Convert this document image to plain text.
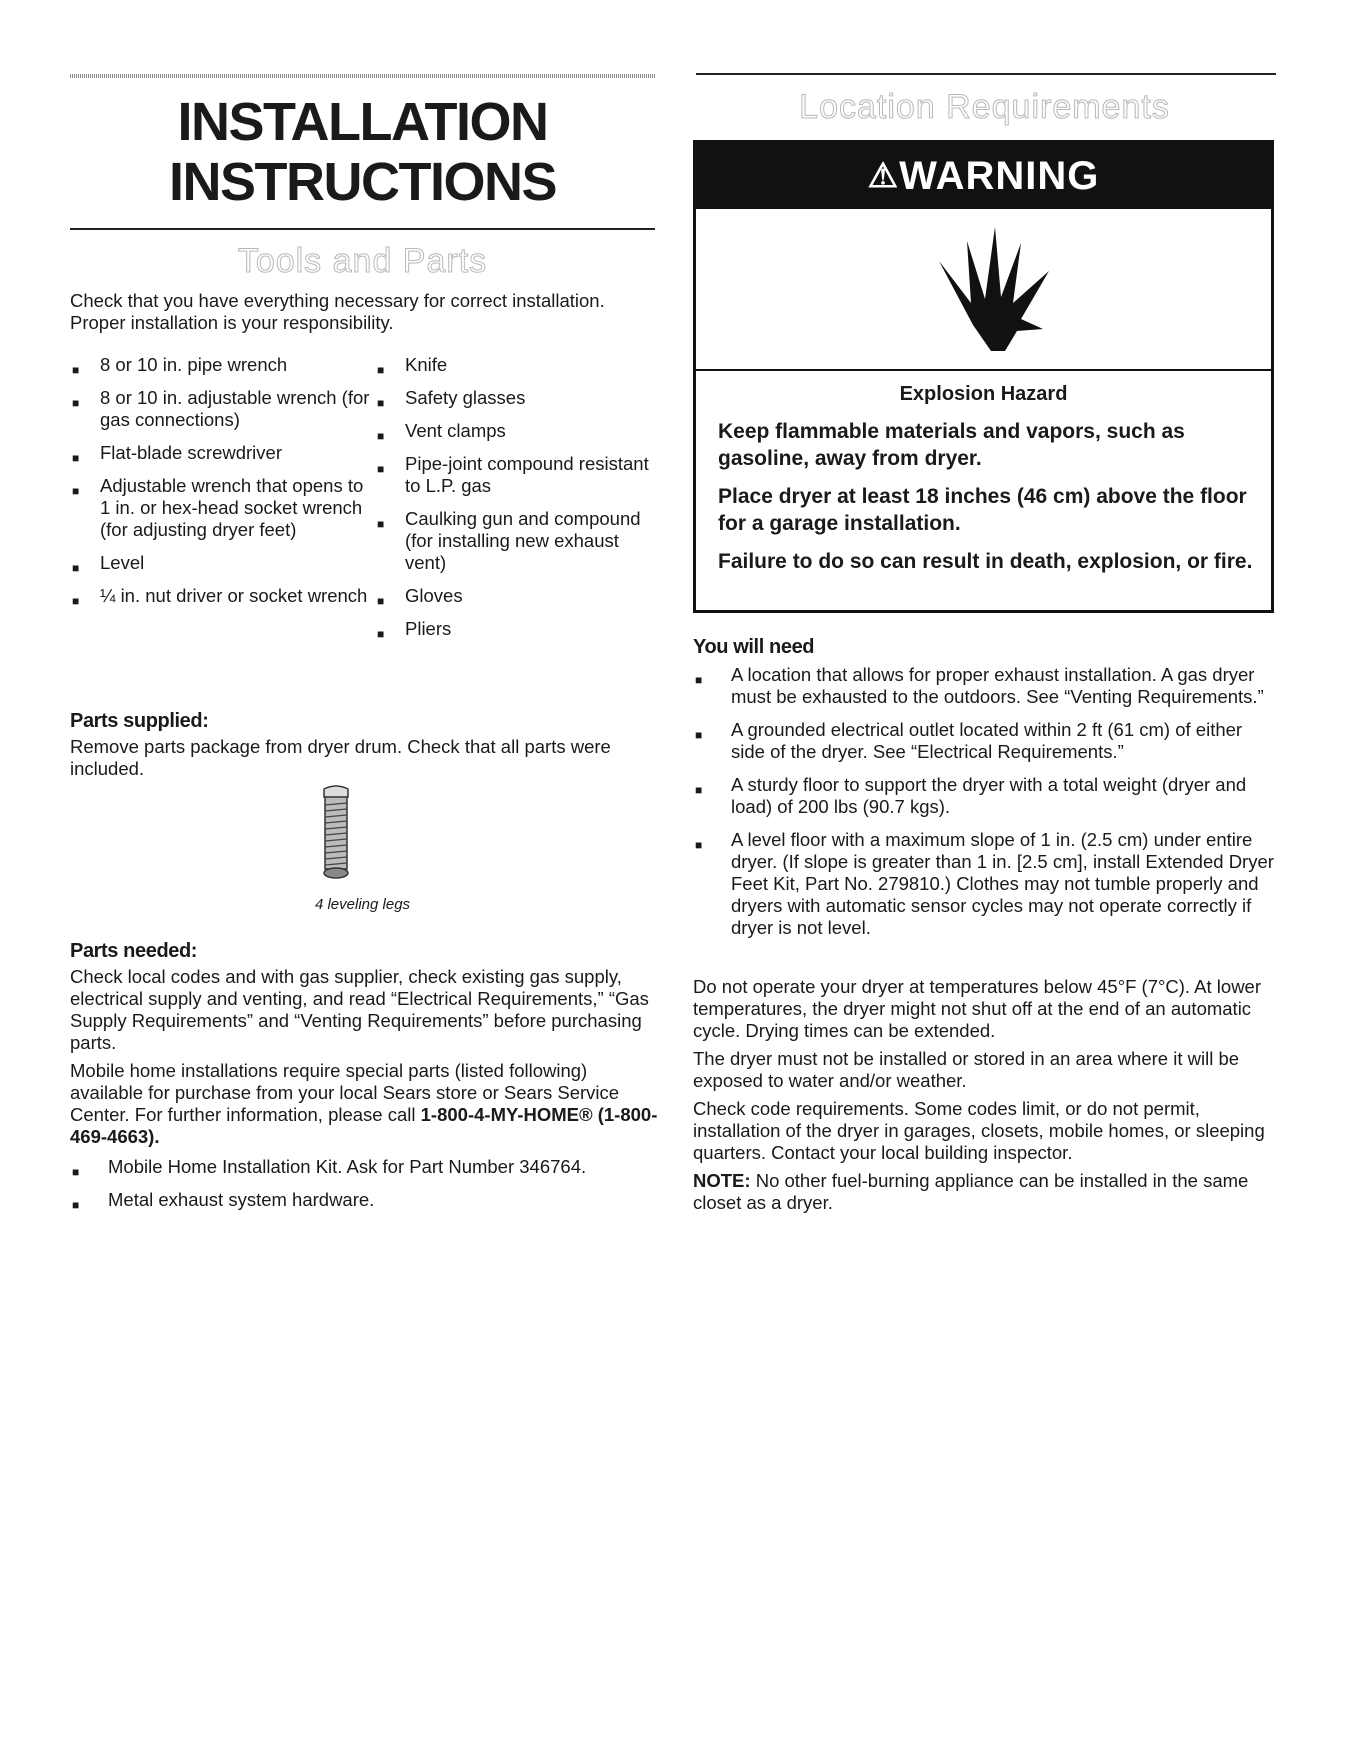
INSTALLATION
INSTRUCTIONS
Tools and Parts

Check that you have everything necessary for correct installation. Proper installation is your responsibility.

■ 8 or 10 in. pipe wrench
■ 8 or 10 in. adjustable wrench (for gas connections)
■ Flat-blade screwdriver
■ Adjustable wrench that opens to 1 in. or hex-head socket wrench (for adjusting dryer feet)
■ Level
■ ¼ in. nut driver or socket wrench
■ Knife
■ Safety glasses
■ Vent clamps
■ Pipe-joint compound resistant to L.P. gas
■ Caulking gun and compound (for installing new exhaust vent)
■ Gloves
■ Pliers
Parts supplied:

Remove parts package from dryer drum. Check that all parts were included.

4 leveling legs
Parts needed:

Check local codes and with gas supplier, check existing gas supply, electrical supply and venting, and read “Electrical Requirements,” “Gas Supply Requirements” and “Venting Requirements” before purchasing parts.

Mobile home installations require special parts (listed following) available for purchase from your local Sears store or Sears Service Center. For further information, please call 1-800-4-MY-HOME® (1-800-469-4663).

■ Mobile Home Installation Kit. Ask for Part Number 346764.
■ Metal exhaust system hardware.
Location Requirements
⚠WARNING
Explosion Hazard

Keep flammable materials and vapors, such as gasoline, away from dryer.

Place dryer at least 18 inches (46 cm) above the floor for a garage installation.

Failure to do so can result in death, explosion, or fire.

You will need
■ A location that allows for proper exhaust installation. A gas dryer must be exhausted to the outdoors. See “Venting Requirements.”
■ A grounded electrical outlet located within 2 ft (61 cm) of either side of the dryer. See “Electrical Requirements.”
■ A sturdy floor to support the dryer with a total weight (dryer and load) of 200 lbs (90.7 kgs).
■ A level floor with a maximum slope of 1 in. (2.5 cm) under entire dryer. (If slope is greater than 1 in. [2.5 cm], install Extended Dryer Feet Kit, Part No. 279810.) Clothes may not tumble properly and dryers with automatic sensor cycles may not operate correctly if dryer is not level.

Do not operate your dryer at temperatures below 45°F (7°C). At lower temperatures, the dryer might not shut off at the end of an automatic cycle. Drying times can be extended.

The dryer must not be installed or stored in an area where it will be exposed to water and/or weather.

Check code requirements. Some codes limit, or do not permit, installation of the dryer in garages, closets, mobile homes, or sleeping quarters. Contact your local building inspector.

NOTE: No other fuel-burning appliance can be installed in the same closet as a dryer.
